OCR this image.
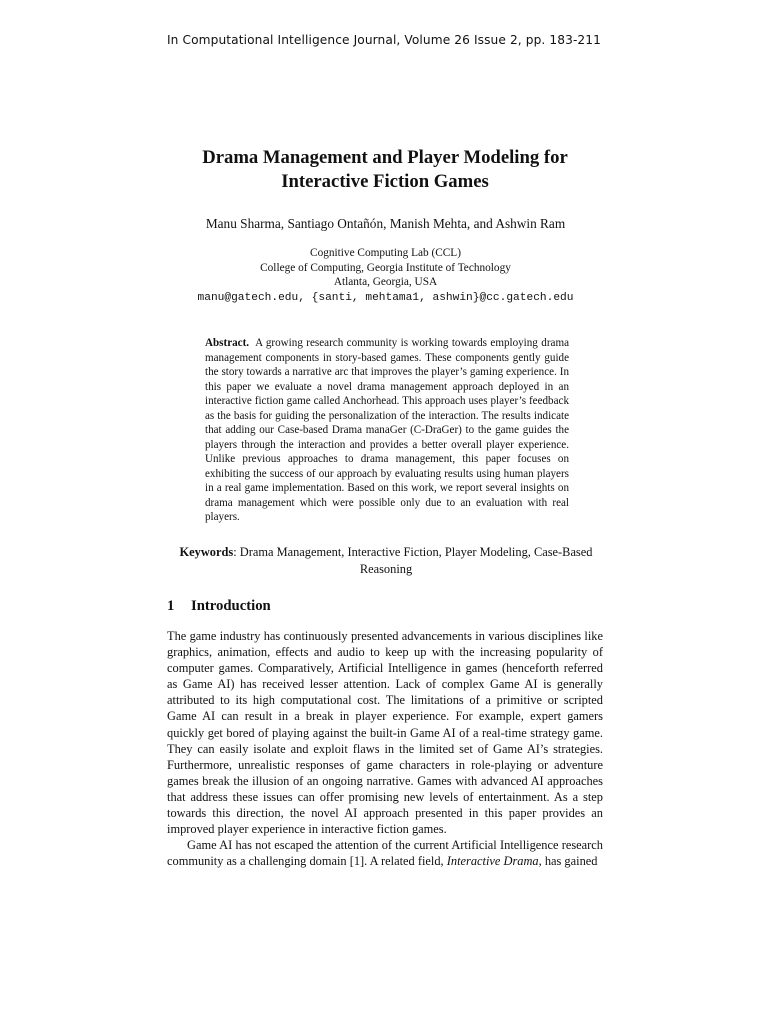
In Computational Intelligence Journal, Volume 26 Issue 2, pp. 183-211
Drama Management and Player Modeling for
Interactive Fiction Games
Manu Sharma, Santiago Ontañón, Manish Mehta, and Ashwin Ram
Cognitive Computing Lab (CCL)
College of Computing, Georgia Institute of Technology
Atlanta, Georgia, USA
manu@gatech.edu, {santi, mehtama1, ashwin}@cc.gatech.edu
Abstract. A growing research community is working towards employing drama management components in story-based games. These components gently guide the story towards a narrative arc that improves the player’s gaming experience. In this paper we evaluate a novel drama management approach deployed in an interactive fiction game called Anchorhead. This approach uses player’s feedback as the basis for guiding the personalization of the interaction. The results indicate that adding our Case-based Drama manaGer (C-DraGer) to the game guides the players through the interaction and provides a better overall player experience. Unlike previous approaches to drama management, this paper focuses on exhibiting the success of our approach by evaluating results using human players in a real game implementation. Based on this work, we report several insights on drama management which were possible only due to an evaluation with real players.
Keywords: Drama Management, Interactive Fiction, Player Modeling, Case-Based Reasoning
1 Introduction

The game industry has continuously presented advancements in various disciplines like graphics, animation, effects and audio to keep up with the increasing popularity of computer games. Comparatively, Artificial Intelligence in games (henceforth referred as Game AI) has received lesser attention. Lack of complex Game AI is generally attributed to its high computational cost. The limitations of a primitive or scripted Game AI can result in a break in player experience. For example, expert gamers quickly get bored of playing against the built-in Game AI of a real-time strategy game. They can easily isolate and exploit flaws in the limited set of Game AI’s strategies. Furthermore, unrealistic responses of game characters in role-playing or adventure games break the illusion of an ongoing narrative. Games with advanced AI approaches that address these issues can offer promising new levels of entertainment. As a step towards this direction, the novel AI approach presented in this paper provides an improved player experience in interactive fiction games.

Game AI has not escaped the attention of the current Artificial Intelligence research community as a challenging domain [1]. A related field, Interactive Drama, has gained
